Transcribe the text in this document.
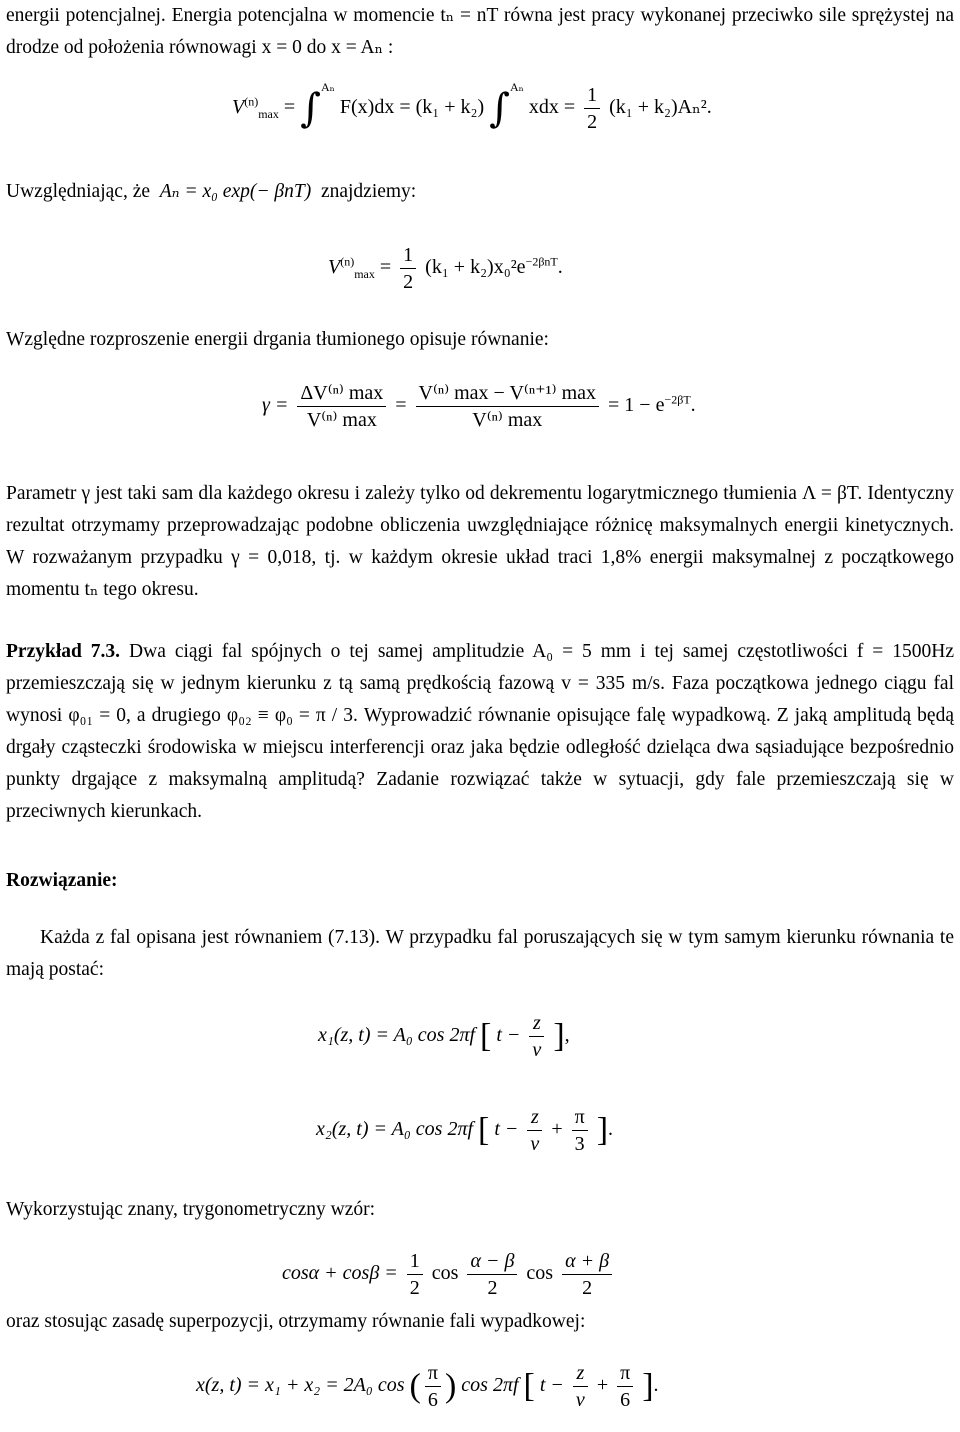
energii potencjalnej. Energia potencjalna w momencie tₙ = nT równa jest pracy wykonanej przeciwko sile sprężystej na drodze od położenia równowagi x = 0 do x = Aₙ :

$V^{(n)}_{max} = \int^{A_n}$ F(x)dx = (k₁ + k₂) ∫$^{A_n}$ xdx = $\frac{1}{2} (k_1 + k_2)A_n^2$.
Uwzględniając, że Aₙ = x₀ exp(− βnT) znajdziemy:
$V^{(n)}_{max} = \frac{1}{2} (k_1 + k_2)x_0^2e^{-2\beta nT}$.

Względne rozproszenie energii drgania tłumionego opisuje równanie:

$\gamma = \frac{\text{ΔV⁽ⁿ⁾ max}}{\text{V⁽ⁿ⁾ max}} = \frac{\text{V⁽ⁿ⁾ max − V⁽ⁿ⁺¹⁾ max}}{\text{V⁽ⁿ⁾ max}} = 1 - e^{-2\beta T}$.

Parametr γ jest taki sam dla każdego okresu i zależy tylko od dekrementu logarytmicznego tłumienia Λ = βT. Identyczny rezultat otrzymamy przeprowadzając podobne obliczenia uwzględniające różnicę maksymalnych energii kinetycznych. W rozważanym przypadku γ = 0,018, tj. w każdym okresie układ traci 1,8% energii maksymalnej z początkowego momentu tₙ tego okresu.

Przykład 7.3. Dwa ciągi fal spójnych o tej samej amplitudzie A₀ = 5 mm i tej samej częstotliwości f = 1500Hz przemieszczają się w jednym kierunku z tą samą prędkością fazową v = 335 m/s. Faza początkowa jednego ciągu fal wynosi φ₀₁ = 0, a drugiego φ₀₂ ≡ φ₀ = π / 3. Wyprowadzić równanie opisujące falę wypadkową. Z jaką amplitudą będą drgały cząsteczki środowiska w miejscu interferencji oraz jaka będzie odległość dzieląca dwa sąsiadujące bezpośrednio punkty drgające z maksymalną amplitudą? Zadanie rozwiązać także w sytuacji, gdy fale przemieszczają się w przeciwnych kierunkach.

Rozwiązanie:

Każda z fal opisana jest równaniem (7.13). W przypadku fal poruszających się w tym samym kierunku równania te mają postać:

x₁(z, t) = A₀ cos 2πf [ $t - \frac{z}{v}$ ],
x₂(z, t) = A₀ cos 2πf [ $t - \frac{z}{v} + \frac{\pi}{3}$ ].

Wykorzystując znany, trygonometryczny wzór:

$\cos\alpha + \cos\beta = \frac{1}{2}$ $\cos \frac{\alpha - \beta}{2}$ $\cos \frac{\alpha + \beta}{2}$

oraz stosując zasadę superpozycji, otrzymamy równanie fali wypadkowej:

x(z, t) = x₁ + x₂ = 2A₀ cos ( $\frac{\pi}{6}$ ) cos 2πf [ $t - \frac{z}{v} + \frac{\pi}{6}$ ].
